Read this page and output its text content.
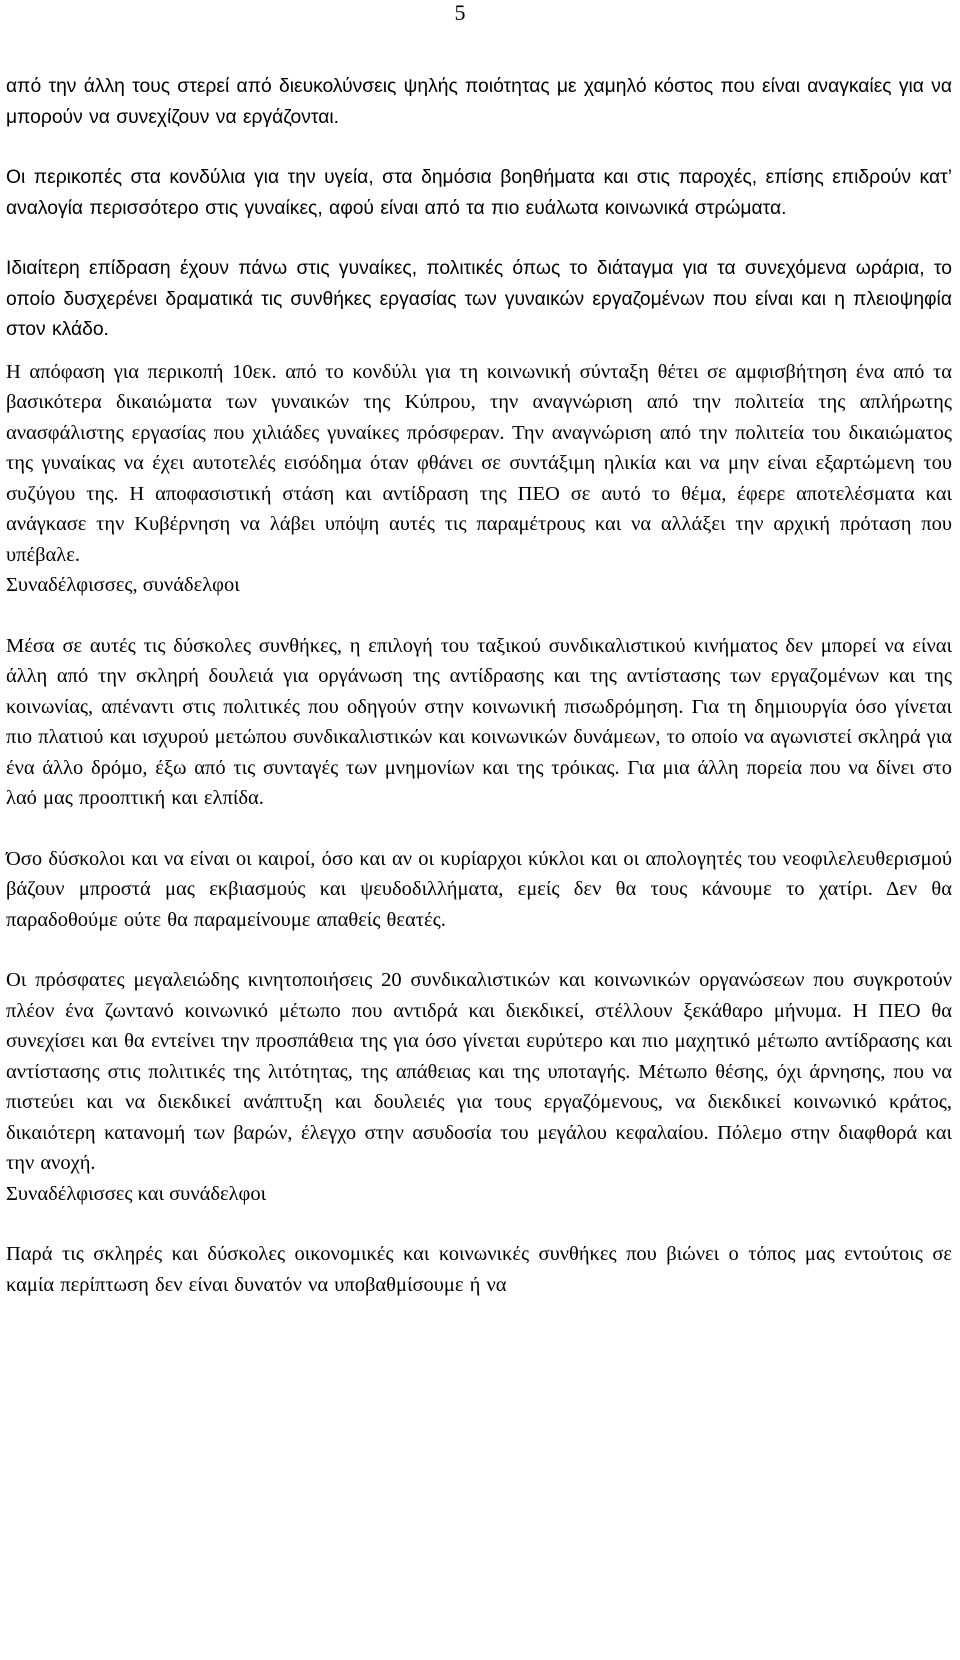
5

από την άλλη τους στερεί από διευκολύνσεις ψηλής ποιότητας με χαμηλό κόστος που είναι αναγκαίες για να μπορούν να συνεχίζουν να εργάζονται.

Οι περικοπές στα κονδύλια για την υγεία, στα δημόσια βοηθήματα και στις παροχές, επίσης επιδρούν κατ’ αναλογία περισσότερο στις γυναίκες, αφού είναι από τα πιο ευάλωτα κοινωνικά στρώματα.

Ιδιαίτερη επίδραση έχουν πάνω στις γυναίκες, πολιτικές όπως το διάταγμα για τα συνεχόμενα ωράρια, το οποίο δυσχερένει δραματικά τις συνθήκες εργασίας των γυναικών εργαζομένων που είναι και η πλειοψηφία στον κλάδο.

Η απόφαση για περικοπή 10εκ. από το κονδύλι για τη κοινωνική σύνταξη θέτει σε αμφισβήτηση ένα από τα βασικότερα δικαιώματα των γυναικών της Κύπρου, την αναγνώριση από την πολιτεία της απλήρωτης ανασφάλιστης εργασίας που χιλιάδες γυναίκες πρόσφεραν. Την αναγνώριση από την πολιτεία του δικαιώματος της γυναίκας να έχει αυτοτελές εισόδημα όταν φθάνει σε συντάξιμη ηλικία και να μην είναι εξαρτώμενη του συζύγου της. Η αποφασιστική στάση και αντίδραση της ΠΕΟ σε αυτό το θέμα, έφερε αποτελέσματα και ανάγκασε την Κυβέρνηση να λάβει υπόψη αυτές τις παραμέτρους και να αλλάξει την αρχική πρόταση που υπέβαλε.

Συναδέλφισσες, συνάδελφοι

Μέσα σε αυτές τις δύσκολες συνθήκες, η επιλογή του ταξικού συνδικαλιστικού κινήματος δεν μπορεί να είναι άλλη από την σκληρή δουλειά για οργάνωση της αντίδρασης και της αντίστασης των εργαζομένων και της κοινωνίας, απέναντι στις πολιτικές που οδηγούν στην κοινωνική πισωδρόμηση. Για τη δημιουργία όσο γίνεται πιο πλατιού και ισχυρού μετώπου συνδικαλιστικών και κοινωνικών δυνάμεων, το οποίο να αγωνιστεί σκληρά για ένα άλλο δρόμο, έξω από τις συνταγές των μνημονίων και της τρόικας. Για μια άλλη πορεία που να δίνει στο λαό μας προοπτική και ελπίδα.

Όσο δύσκολοι και να είναι οι καιροί, όσο και αν οι κυρίαρχοι κύκλοι και οι απολογητές του νεοφιλελευθερισμού βάζουν μπροστά μας εκβιασμούς και ψευδοδιλλήματα, εμείς δεν θα τους κάνουμε το χατίρι. Δεν θα παραδοθούμε ούτε θα παραμείνουμε απαθείς θεατές.

Οι πρόσφατες μεγαλειώδης κινητοποιήσεις 20 συνδικαλιστικών και κοινωνικών οργανώσεων που συγκροτούν πλέον ένα ζωντανό κοινωνικό μέτωπο που αντιδρά και διεκδικεί, στέλλουν ξεκάθαρο μήνυμα. Η ΠΕΟ θα συνεχίσει και θα εντείνει την προσπάθεια της για όσο γίνεται ευρύτερο και πιο μαχητικό μέτωπο αντίδρασης και αντίστασης στις πολιτικές της λιτότητας, της απάθειας και της υποταγής. Μέτωπο θέσης, όχι άρνησης, που να πιστεύει και να διεκδικεί ανάπτυξη και δουλειές για τους εργαζόμενους, να διεκδικεί κοινωνικό κράτος, δικαιότερη κατανομή των βαρών, έλεγχο στην ασυδοσία του μεγάλου κεφαλαίου. Πόλεμο στην διαφθορά και την ανοχή.

Συναδέλφισσες και συνάδελφοι

Παρά τις σκληρές και δύσκολες οικονομικές και κοινωνικές συνθήκες που βιώνει ο τόπος μας εντούτοις σε καμία περίπτωση δεν είναι δυνατόν να υποβαθμίσουμε ή να
